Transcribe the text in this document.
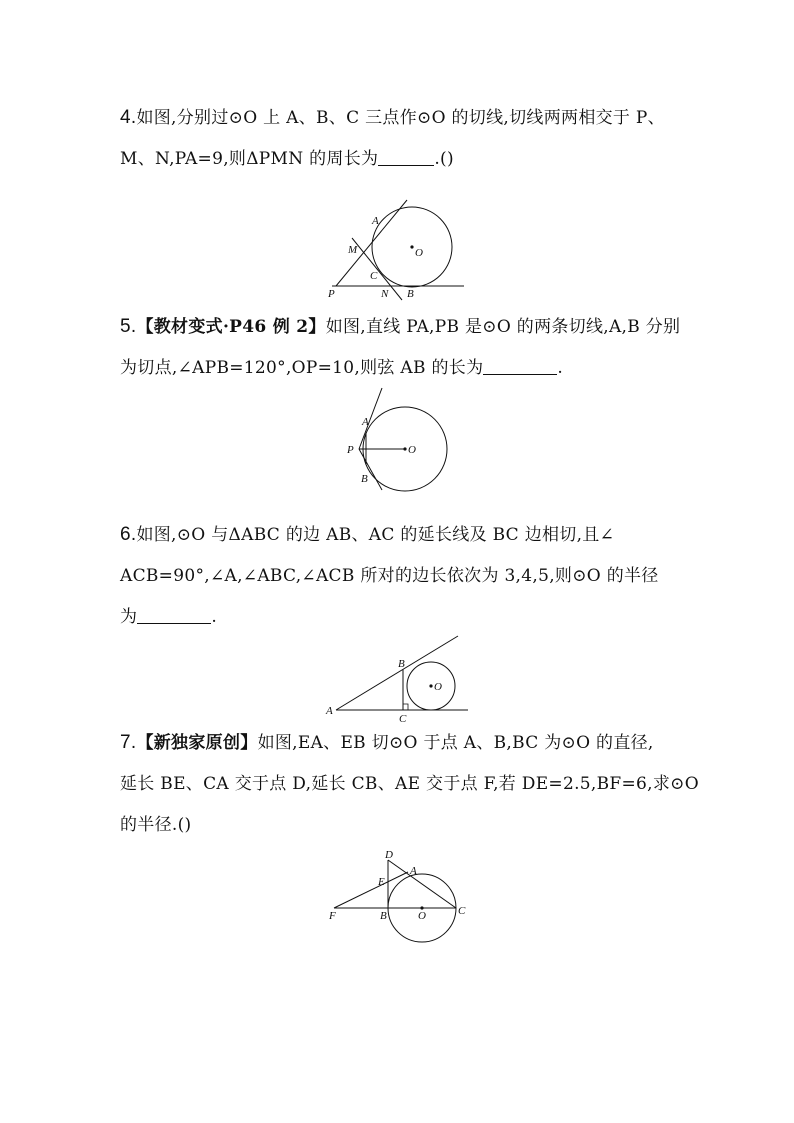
4.如图,分别过⊙O 上 A、B、C 三点作⊙O 的切线,切线两两相交于 P、
M、N,PA=9,则ΔPMN 的周长为	.()
A
M	O
C
P	N B
5.【教材变式·P46 例 2】如图,直线 PA,PB 是⊙O 的两条切线,A,B 分别
为切点,∠APB=120°,OP=10,则弦 AB 的长为	.
A
P	O
B
6.如图,⊙O 与ΔABC 的边 AB、AC 的延长线及 BC 边相切,且∠
ACB=90°,∠A,∠ABC,∠ACB 所对的边长依次为 3,4,5,则⊙O 的半径
为	.
B
O
A
C
7.【新独家原创】如图,EA、EB 切⊙O 于点 A、B,BC 为⊙O 的直径,
延长 BE、CA 交于点 D,延长 CB、AE 交于点 F,若 DE=2.5,BF=6,求⊙O
的半径.()
D
A
E
F	B	O	C
